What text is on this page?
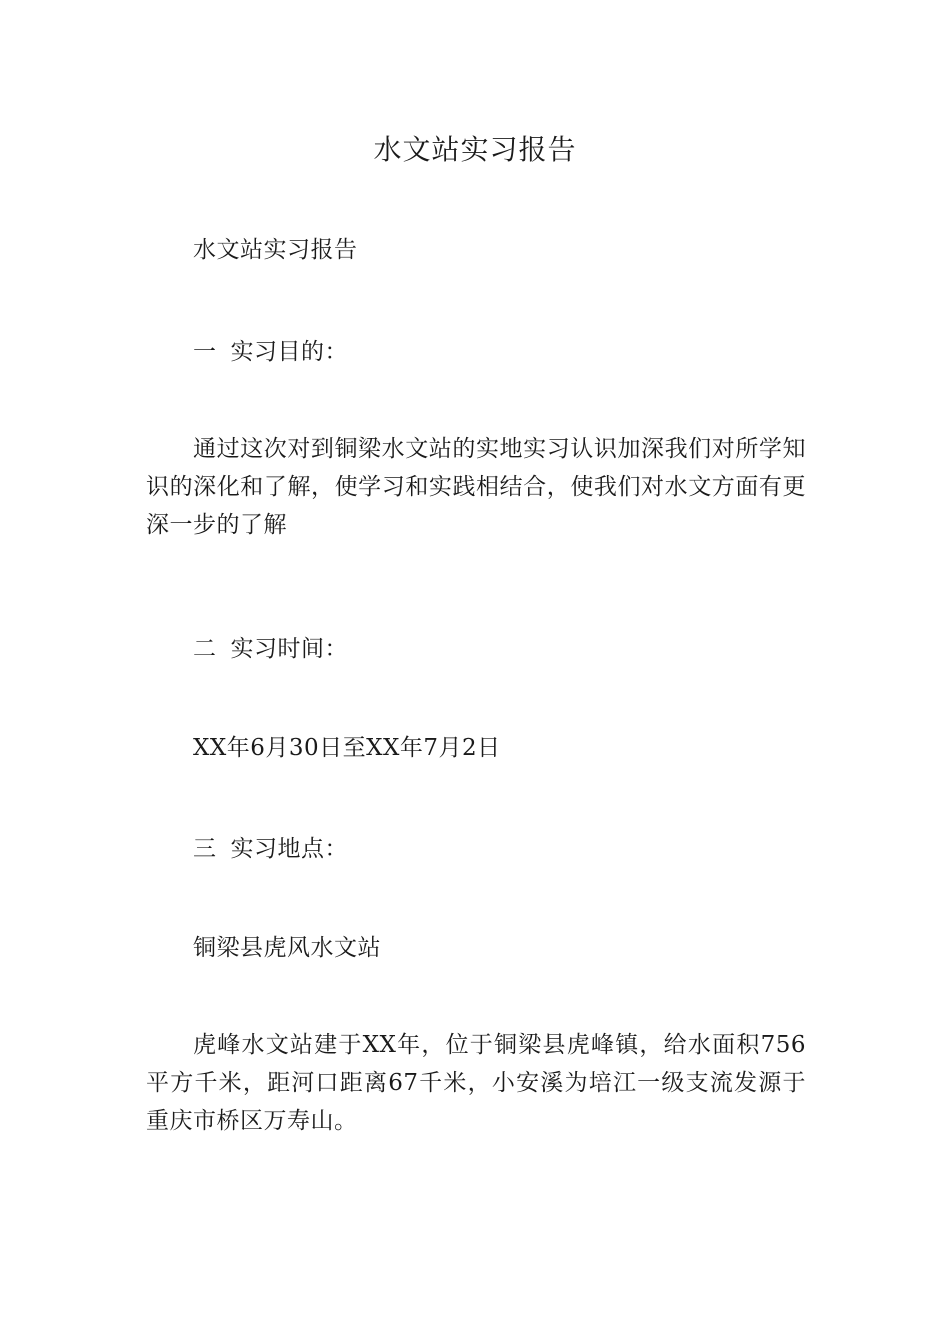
水文站实习报告
水文站实习报告
一 实习目的：
通过这次对到铜梁水文站的实地实习认识加深我们对所学知识的深化和了解，使学习和实践相结合，使我们对水文方面有更深一步的了解
二 实习时间：
XX年6月30日至XX年7月2日
三 实习地点：
铜梁县虎风水文站
虎峰水文站建于XX年，位于铜梁县虎峰镇，给水面积756平方千米，距河口距离67千米，小安溪为培江一级支流发源于重庆市桥区万寿山。
